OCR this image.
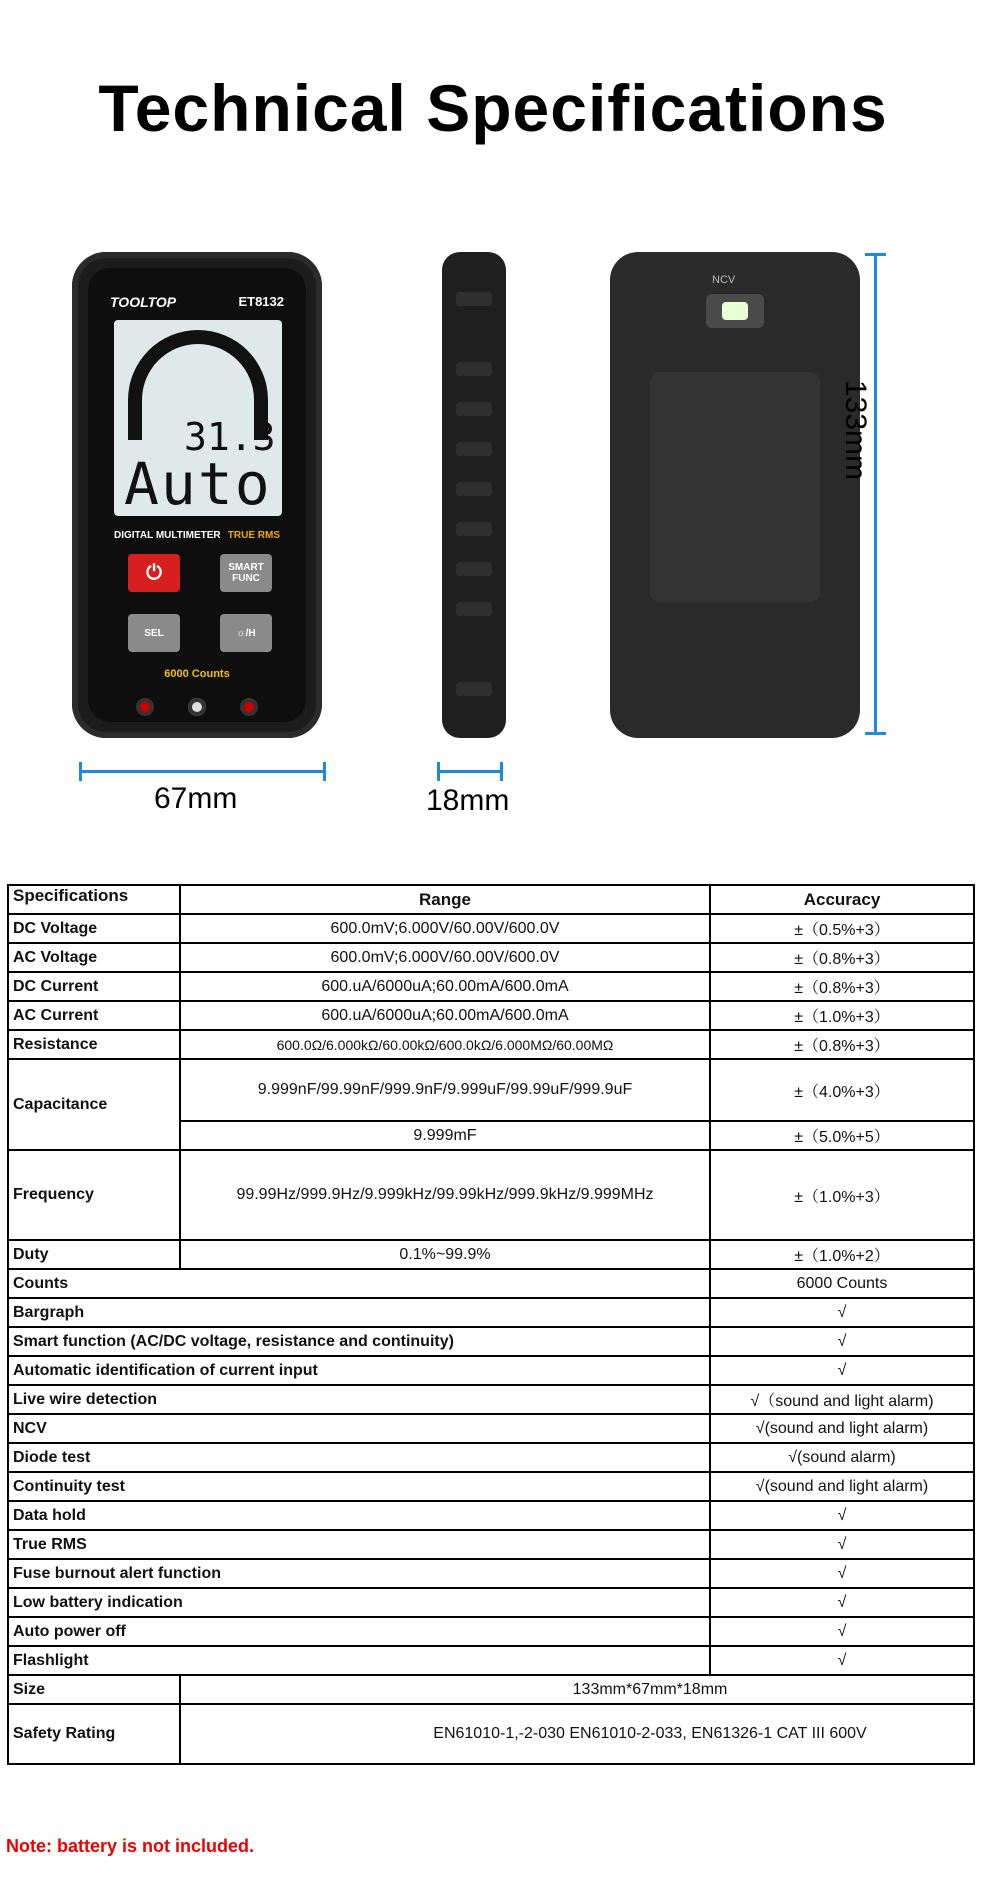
Technical Specifications
TOOLTOP	ET8132
31.3
Auto
DIGITAL MULTIMETER TRUE RMS
⏻	SMART FUNC
SEL	☼/H
6000 Counts
NCV
67mm	18mm
133mm
Specifications	Range	Accuracy
DC Voltage	600.0mV;6.000V/60.00V/600.0V	±（0.5%+3）
AC Voltage	600.0mV;6.000V/60.00V/600.0V	±（0.8%+3）
DC Current	600.uA/6000uA;60.00mA/600.0mA	±（0.8%+3）
AC Current	600.uA/6000uA;60.00mA/600.0mA	±（1.0%+3）
Resistance	600.0Ω/6.000kΩ/60.00kΩ/600.0kΩ/6.000MΩ/60.00MΩ	±（0.8%+3）
Capacitance	9.999nF/99.99nF/999.9nF/9.999uF/99.99uF/999.9uF	±（4.0%+3）
	9.999mF	±（5.0%+5）
Frequency	99.99Hz/999.9Hz/9.999kHz/99.99kHz/999.9kHz/9.999MHz	±（1.0%+3）
Duty	0.1%~99.9%	±（1.0%+2）
Counts		6000 Counts
Bargraph		√
Smart function (AC/DC voltage, resistance and continuity)		√
Automatic identification of current input		√
Live wire detection		√（sound and light alarm)
NCV		√(sound and light alarm)
Diode test		√(sound alarm)
Continuity test		√(sound and light alarm)
Data hold		√
True RMS		√
Fuse burnout alert function		√
Low battery indication		√
Auto power off		√
Flashlight		√
Size	133mm*67mm*18mm	
Safety Rating	EN61010-1,-2-030 EN61010-2-033, EN61326-1 CAT III 600V	
Note: battery is not included.
